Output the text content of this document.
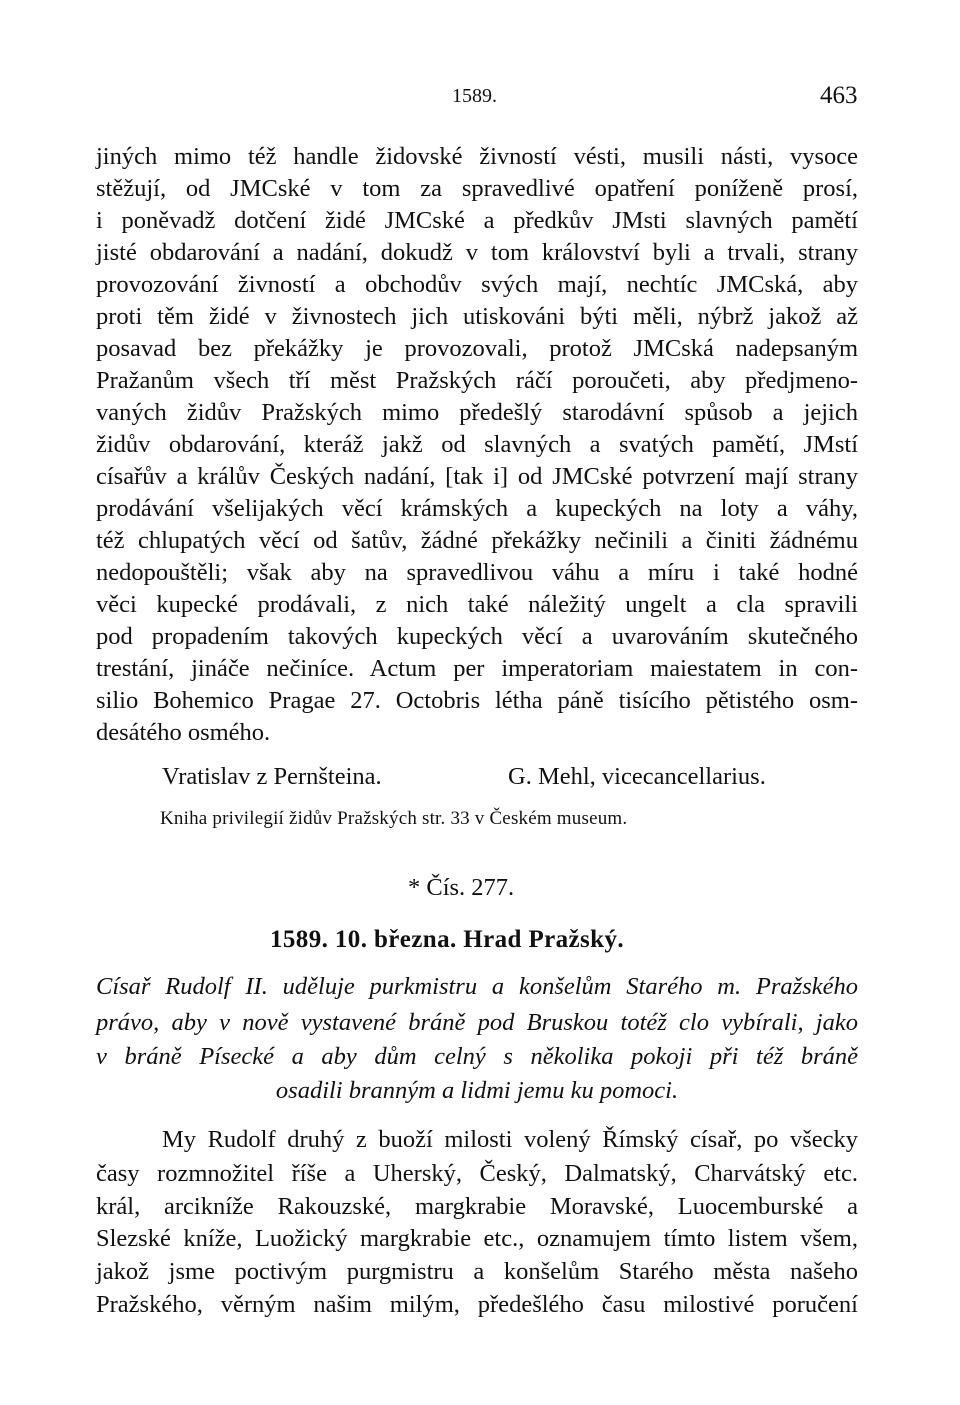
1589.	463
jiných mimo též handle židovské živností vésti, musili násti, vysoce
stěžují, od JMCské v tom za spravedlivé opatření poníženě prosí,
i poněvadž dotčení židé JMCské a předkův JMsti slavných pamětí
jisté obdarování a nadání, dokudž v tom království byli a trvali, strany
provozování živností a obchodův svých mají, nechtíc JMCská, aby
proti těm židé v živnostech jich utiskováni býti měli, nýbrž jakož až
posavad bez překážky je provozovali, protož JMCská nadepsaným
Pražanům všech tří měst Pražských ráčí poroučeti, aby předjmeno-
vaných židův Pražských mimo předešlý starodávní spůsob a jejich
židův obdarování, kteráž jakž od slavných a svatých pamětí, JMstí
císařův a králův Českých nadání, [tak i] od JMCské potvrzení mají strany
prodávání všelijakých věcí krámských a kupeckých na loty a váhy,
též chlupatých věcí od šatův, žádné překážky nečinili a činiti žádnému
nedopouštěli; však aby na spravedlivou váhu a míru i také hodné
věci kupecké prodávali, z nich také náležitý ungelt a cla spravili
pod propadením takových kupeckých věcí a uvarováním skutečného
trestání, jináče nečiníce. Actum per imperatoriam maiestatem in con-
silio Bohemico Pragae 27. Octobris létha páně tisícího pětistého osm-
desátého osmého.
Vratislav z Pernšteina.	G. Mehl, vicecancellarius.
Kniha privilegií židův Pražských str. 33 v Českém museum.
* Čís. 277.
1589. 10. března. Hrad Pražský.
Císař Rudolf II. uděluje purkmistru a konšelům Starého m. Pražského
právo, aby v nově vystavené bráně pod Bruskou totéž clo vybírali, jako
v bráně Písecké a aby dům celný s několika pokoji při též bráně
osadili branným a lidmi jemu ku pomoci.
My Rudolf druhý z buoží milosti volený Římský císař, po všecky
časy rozmnožitel říše a Uherský, Český, Dalmatský, Charvátský etc.
král, arcikníže Rakouzské, margkrabie Moravské, Luocemburské a
Slezské kníže, Luožický margkrabie etc., oznamujem tímto listem všem,
jakož jsme poctivým purgmistru a konšelům Starého města našeho
Pražského, věrným našim milým, předešlého času milostivé poručení
